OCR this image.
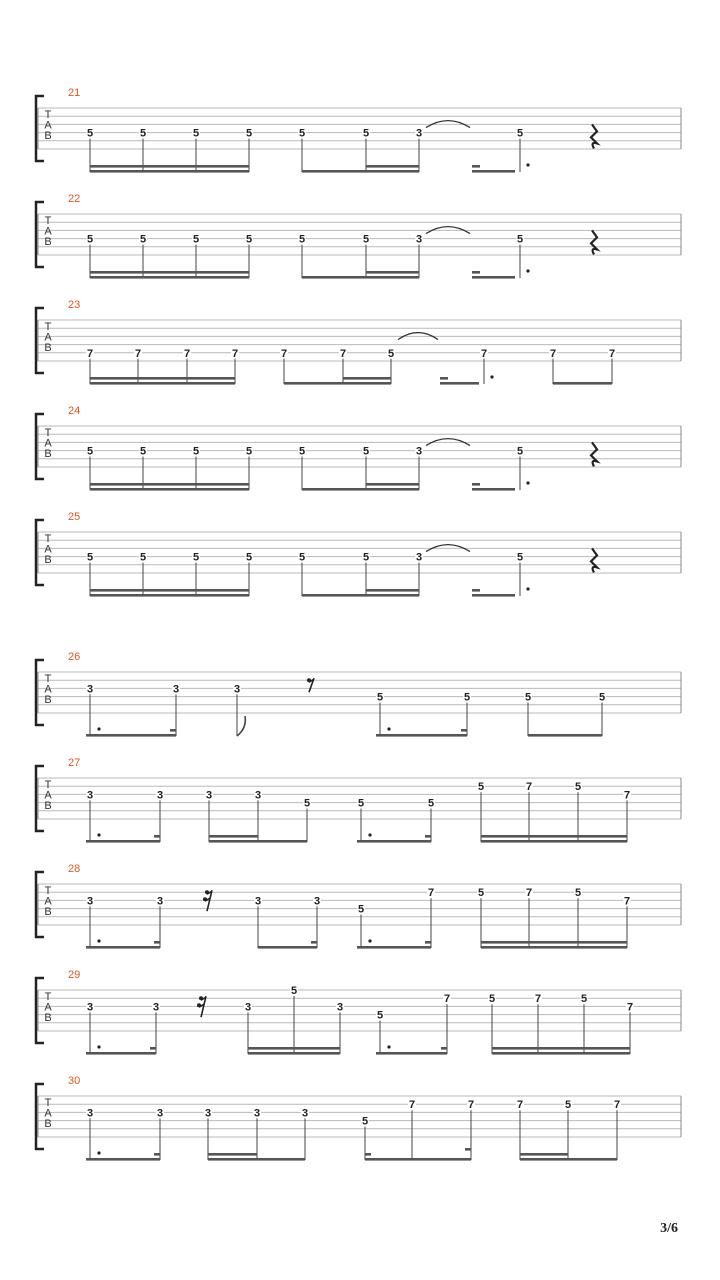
T
A
B
21
5	5	5	5	5	5	3	5
T
A
B
22
5	5	5	5	5	5	3	5
T
A
B
23
7	7	7	7	7	7	5	7	7	7
T
A
B
24
5	5	5	5	5	5	3	5
T
A
B
25
5	5	5	5	5	5	3	5
T
A
B
26
3	3	3
5	5	5	5
T
A
B
27
3	3	3	3
5	5	5
5	7	5
7
T
A
B
28
3	3	3	3
5
7	5	7	5
7
T
A
B
29
3	3	3
5
3
5
7	5	7	5
7
T
A
B
30
3	3	3	3	3
5
7	7	7	5	7
3/6
